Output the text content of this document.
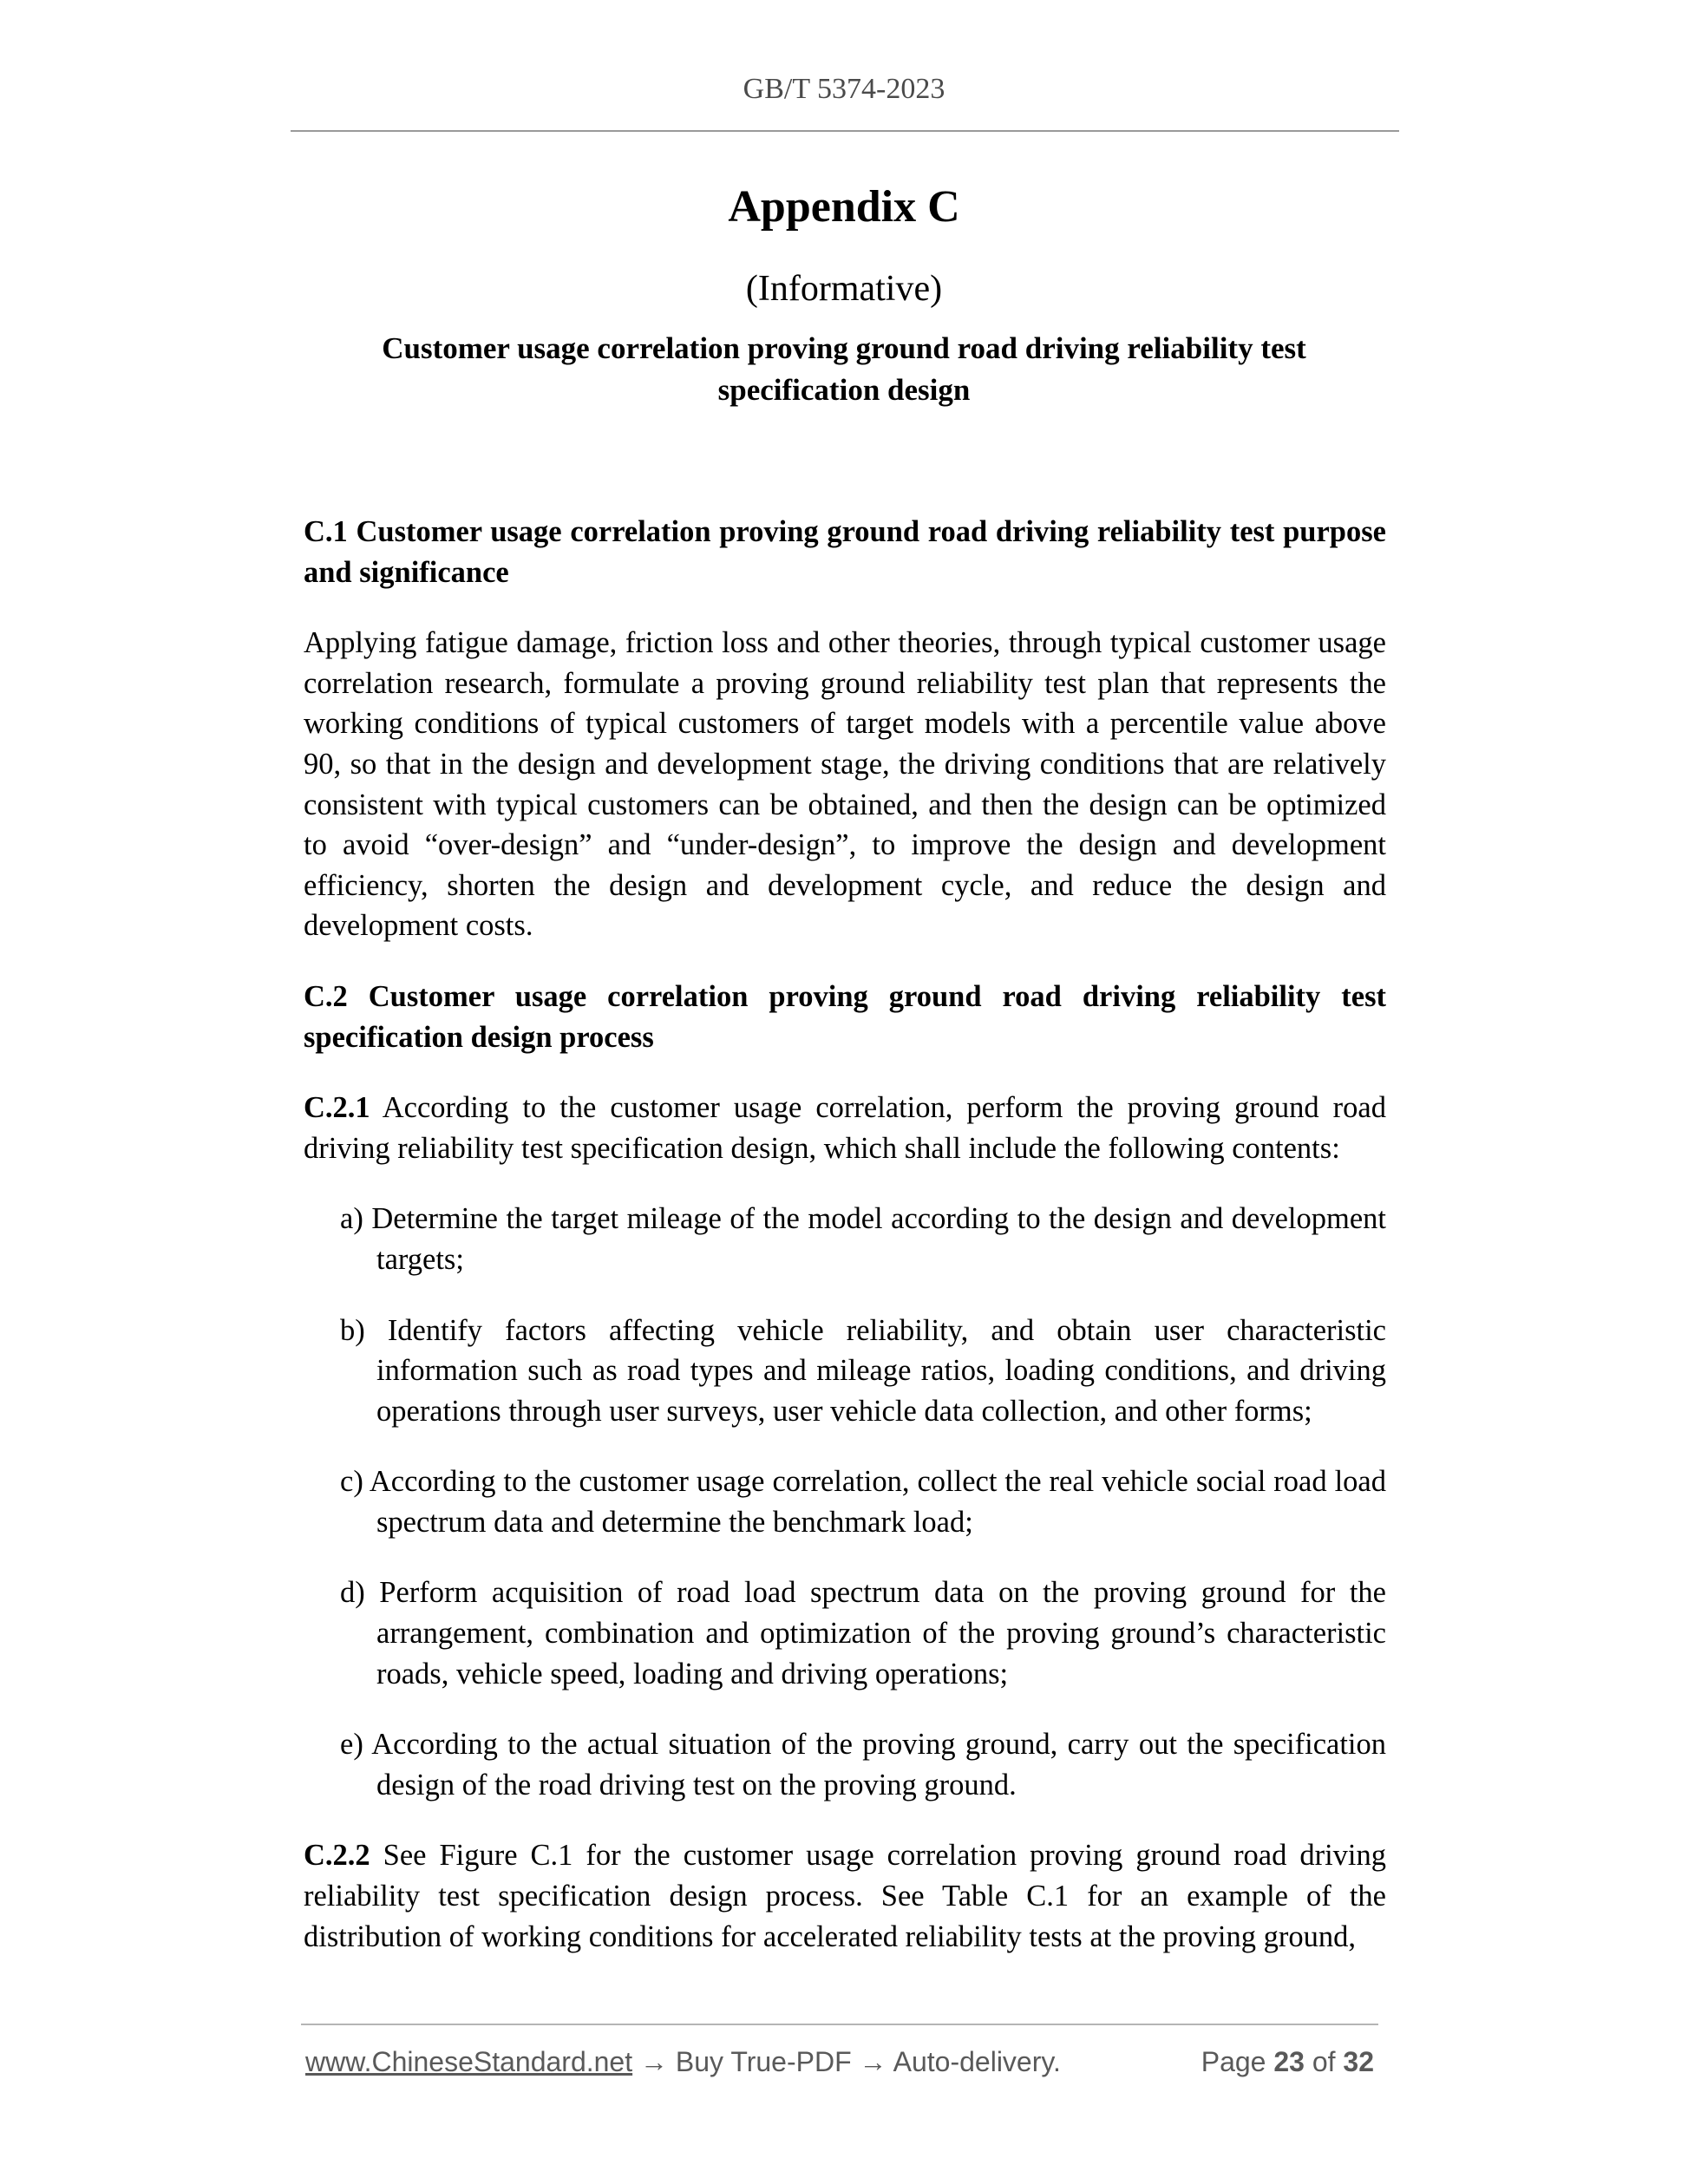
GB/T 5374-2023
Appendix C
(Informative)
Customer usage correlation proving ground road driving reliability test specification design

C.1 Customer usage correlation proving ground road driving reliability test purpose and significance

Applying fatigue damage, friction loss and other theories, through typical customer usage correlation research, formulate a proving ground reliability test plan that represents the working conditions of typical customers of target models with a percentile value above 90, so that in the design and development stage, the driving conditions that are relatively consistent with typical customers can be obtained, and then the design can be optimized to avoid “over-design” and “under-design”, to improve the design and development efficiency, shorten the design and development cycle, and reduce the design and development costs.

C.2 Customer usage correlation proving ground road driving reliability test specification design process

C.2.1 According to the customer usage correlation, perform the proving ground road driving reliability test specification design, which shall include the following contents:

a) Determine the target mileage of the model according to the design and development targets;

b) Identify factors affecting vehicle reliability, and obtain user characteristic information such as road types and mileage ratios, loading conditions, and driving operations through user surveys, user vehicle data collection, and other forms;

c) According to the customer usage correlation, collect the real vehicle social road load spectrum data and determine the benchmark load;

d) Perform acquisition of road load spectrum data on the proving ground for the arrangement, combination and optimization of the proving ground’s characteristic roads, vehicle speed, loading and driving operations;

e) According to the actual situation of the proving ground, carry out the specification design of the road driving test on the proving ground.

C.2.2 See Figure C.1 for the customer usage correlation proving ground road driving reliability test specification design process. See Table C.1 for an example of the distribution of working conditions for accelerated reliability tests at the proving ground,

www.ChineseStandard.net → Buy True-PDF → Auto-delivery.	Page 23 of 32
